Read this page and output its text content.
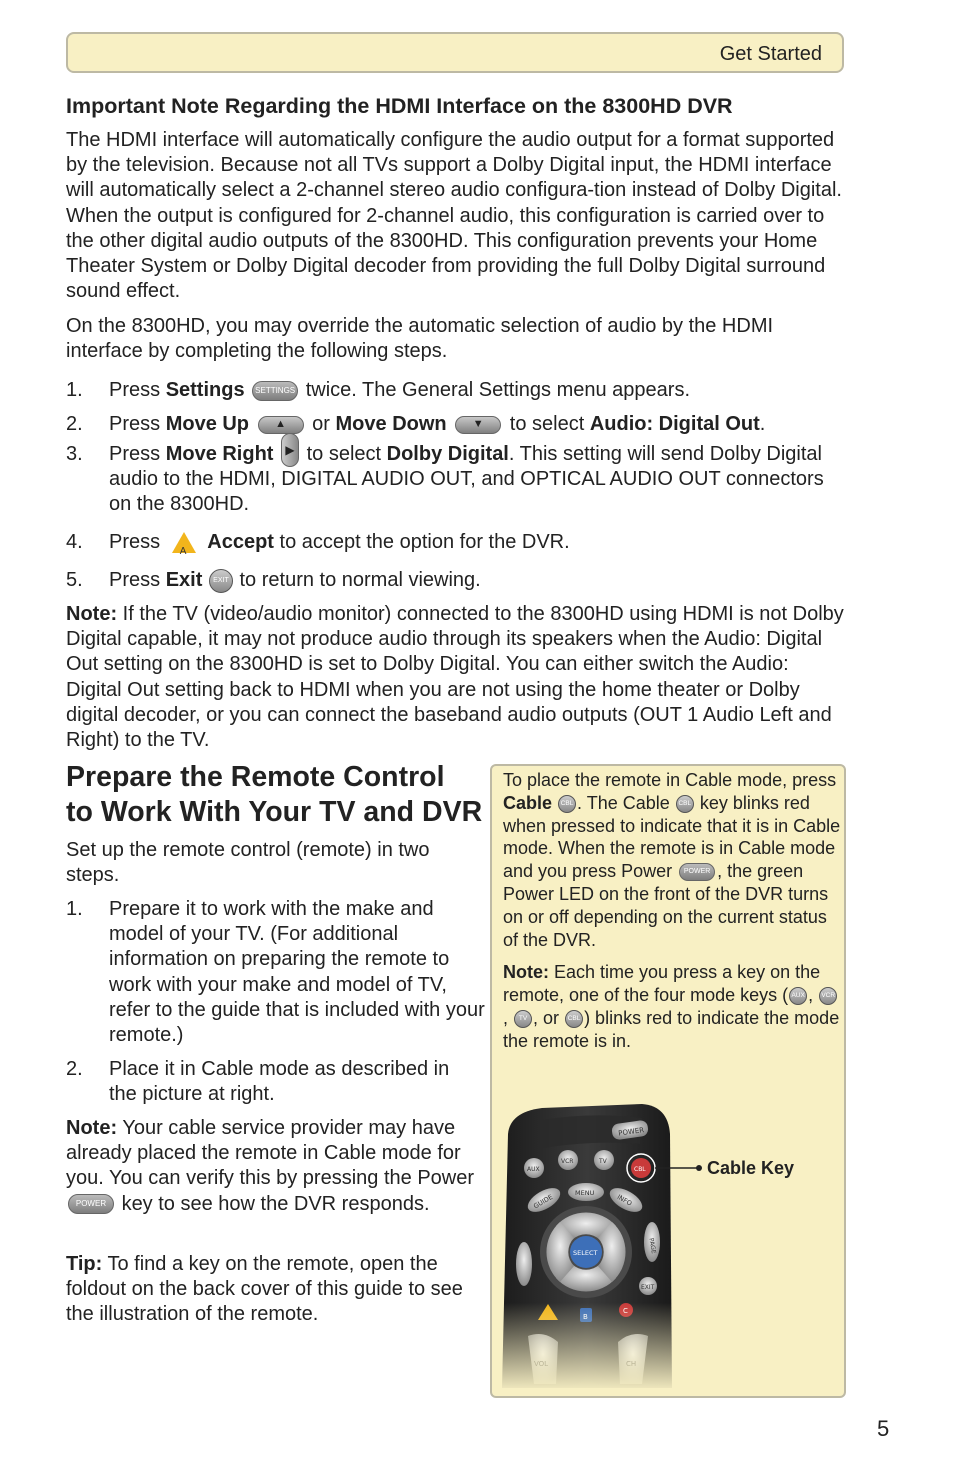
Get Started
Important Note Regarding the HDMI Interface on the 8300HD DVR

The HDMI interface will automatically configure the audio output for a format supported by the television. Because not all TVs support a Dolby Digital input, the HDMI interface will automatically select a 2-channel stereo audio configura-tion instead of Dolby Digital. When the output is configured for 2-channel audio, this configuration is carried over to the other digital audio outputs of the 8300HD. This configuration prevents your Home Theater System or Dolby Digital decoder from providing the full Dolby Digital surround sound effect.

On the 8300HD, you may override the automatic selection of audio by the HDMI interface by completing the following steps.

1. Press Settings SETTINGS twice. The General Settings menu appears.
2. Press Move Up ▲ or Move Down ▼ to select Audio: Digital Out.
3. Press Move Right ▶ to select Dolby Digital. This setting will send Dolby Digital audio to the HDMI, DIGITAL AUDIO OUT, and OPTICAL AUDIO OUT connectors on the 8300HD.
4. Press A Accept to accept the option for the DVR.
5. Press Exit EXIT to return to normal viewing.

Note: If the TV (video/audio monitor) connected to the 8300HD using HDMI is not Dolby Digital capable, it may not produce audio through its speakers when the Audio: Digital Out setting on the 8300HD is set to Dolby Digital. You can either switch the Audio: Digital Out setting back to HDMI when you are not using the home theater or Dolby digital decoder, or you can connect the baseband audio outputs (OUT 1 Audio Left and Right) to the TV.

Prepare the Remote Control
to Work With Your TV and DVR

Set up the remote control (remote) in two steps.

1. Prepare it to work with the make and model of your TV. (For additional information on preparing the remote to work with your make and model of TV, refer to the guide that is included with your remote.)
2. Place it in Cable mode as described in the picture at right.

Note: Your cable service provider may have already placed the remote in Cable mode for you. You can verify this by pressing the Power POWER key to see how the DVR responds.

Tip: To find a key on the remote, open the foldout on the back cover of this guide to see the illustration of the remote.

To place the remote in Cable mode, press Cable CBL . The Cable CBL key blinks red when pressed to indicate that it is in Cable mode. When the remote is in Cable mode and you press Power POWER , the green Power LED on the front of the DVR turns on or off depending on the current status of the DVR.

Note: Each time you press a key on the remote, one of the four mode keys ( AUX , VCR, TV , or CBL ) blinks red to indicate the mode the remote is in.

Cable Key
5
